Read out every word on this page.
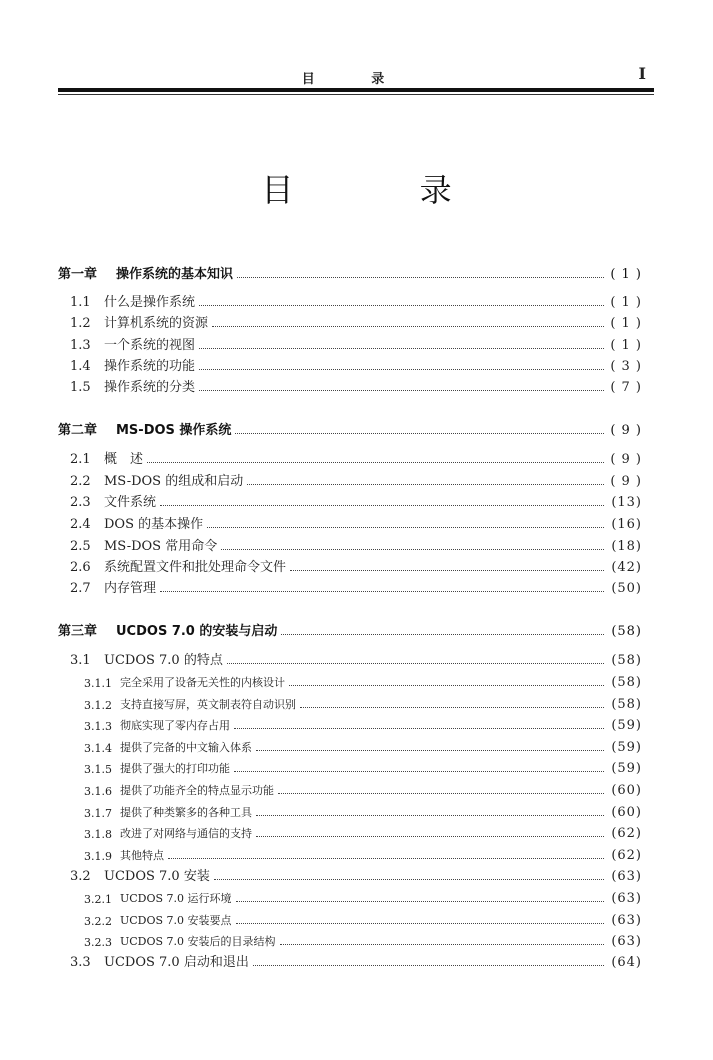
目 录	I
目 录
第一章	操作系统的基本知识	( 1 )
1.1	什么是操作系统	( 1 )
1.2	计算机系统的资源	( 1 )
1.3	一个系统的视图	( 1 )
1.4	操作系统的功能	( 3 )
1.5	操作系统的分类	( 7 )
第二章	MS-DOS 操作系统	( 9 )
2.1	概　述	( 9 )
2.2	MS-DOS 的组成和启动	( 9 )
2.3	文件系统	(13)
2.4	DOS 的基本操作	(16)
2.5	MS-DOS 常用命令	(18)
2.6	系统配置文件和批处理命令文件	(42)
2.7	内存管理	(50)
第三章	UCDOS 7.0 的安装与启动	(58)
3.1	UCDOS 7.0 的特点	(58)
3.1.1 完全采用了设备无关性的内核设计	(58)
3.1.2 支持直接写屏，英文制表符自动识别	(58)
3.1.3 彻底实现了零内存占用	(59)
3.1.4 提供了完备的中文输入体系	(59)
3.1.5 提供了强大的打印功能	(59)
3.1.6 提供了功能齐全的特点显示功能	(60)
3.1.7 提供了种类繁多的各种工具	(60)
3.1.8 改进了对网络与通信的支持	(62)
3.1.9 其他特点	(62)
3.2	UCDOS 7.0 安装	(63)
3.2.1 UCDOS 7.0 运行环境	(63)
3.2.2 UCDOS 7.0 安装要点	(63)
3.2.3 UCDOS 7.0 安装后的目录结构	(63)
3.3	UCDOS 7.0 启动和退出	(64)
